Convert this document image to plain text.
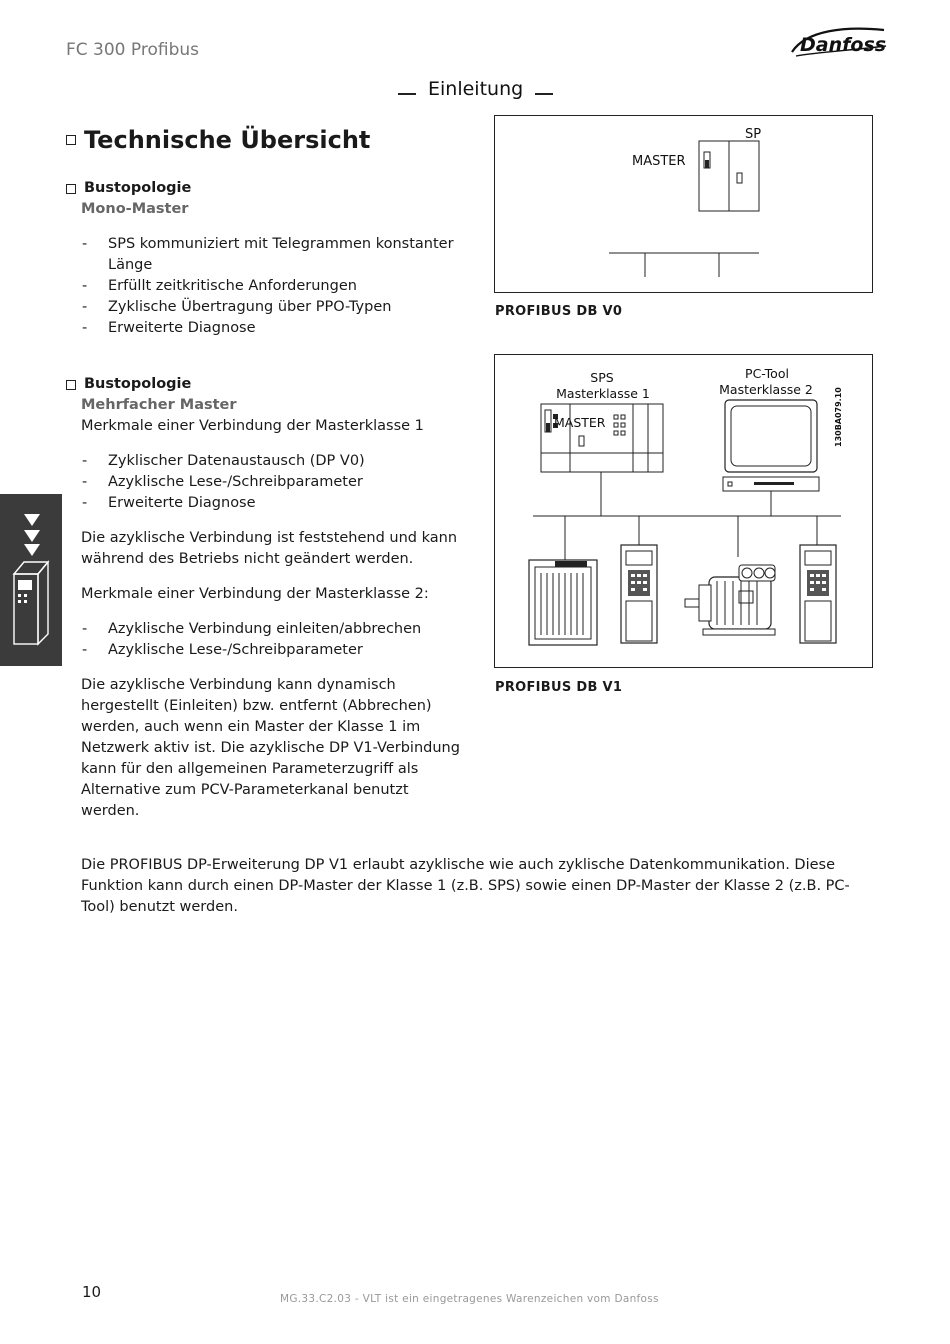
FC 300 Profibus	Danfoss
Einleitung
Technische Übersicht
Bustopologie
Mono-Master
- SPS kommuniziert mit Telegrammen konstanter Länge
- Erfüllt zeitkritische Anforderungen
- Zyklische Übertragung über PPO-Typen
- Erweiterte Diagnose
Bustopologie
Mehrfacher Master
Merkmale einer Verbindung der Masterklasse 1
- Zyklischer Datenaustausch (DP V0)
- Azyklische Lese-/Schreibparameter
- Erweiterte Diagnose

Die azyklische Verbindung ist feststehend und kann während des Betriebs nicht geändert werden.

Merkmale einer Verbindung der Masterklasse 2:

- Azyklische Verbindung einleiten/abbrechen
- Azyklische Lese-/Schreibparameter

Die azyklische Verbindung kann dynamisch hergestellt (Einleiten) bzw. entfernt (Abbrechen) werden, auch wenn ein Master der Klasse 1 im Netzwerk aktiv ist. Die azyklische DP V1-Verbindung kann für den allgemeinen Parameterzugriff als Alternative zum PCV-Parameterkanal benutzt werden.

SP
MASTER
PROFIBUS DB V0
SPS
Masterklasse 1
PC-Tool
Masterklasse 2	130BA079.10
MASTER
PROFIBUS DB V1

Die PROFIBUS DP-Erweiterung DP V1 erlaubt azyklische wie auch zyklische Datenkommunikation. Diese Funktion kann durch einen DP-Master der Klasse 1 (z.B. SPS) sowie einen DP-Master der Klasse 2 (z.B. PC-Tool) benutzt werden.

10	MG.33.C2.03 - VLT ist ein eingetragenes Warenzeichen vom Danfoss
